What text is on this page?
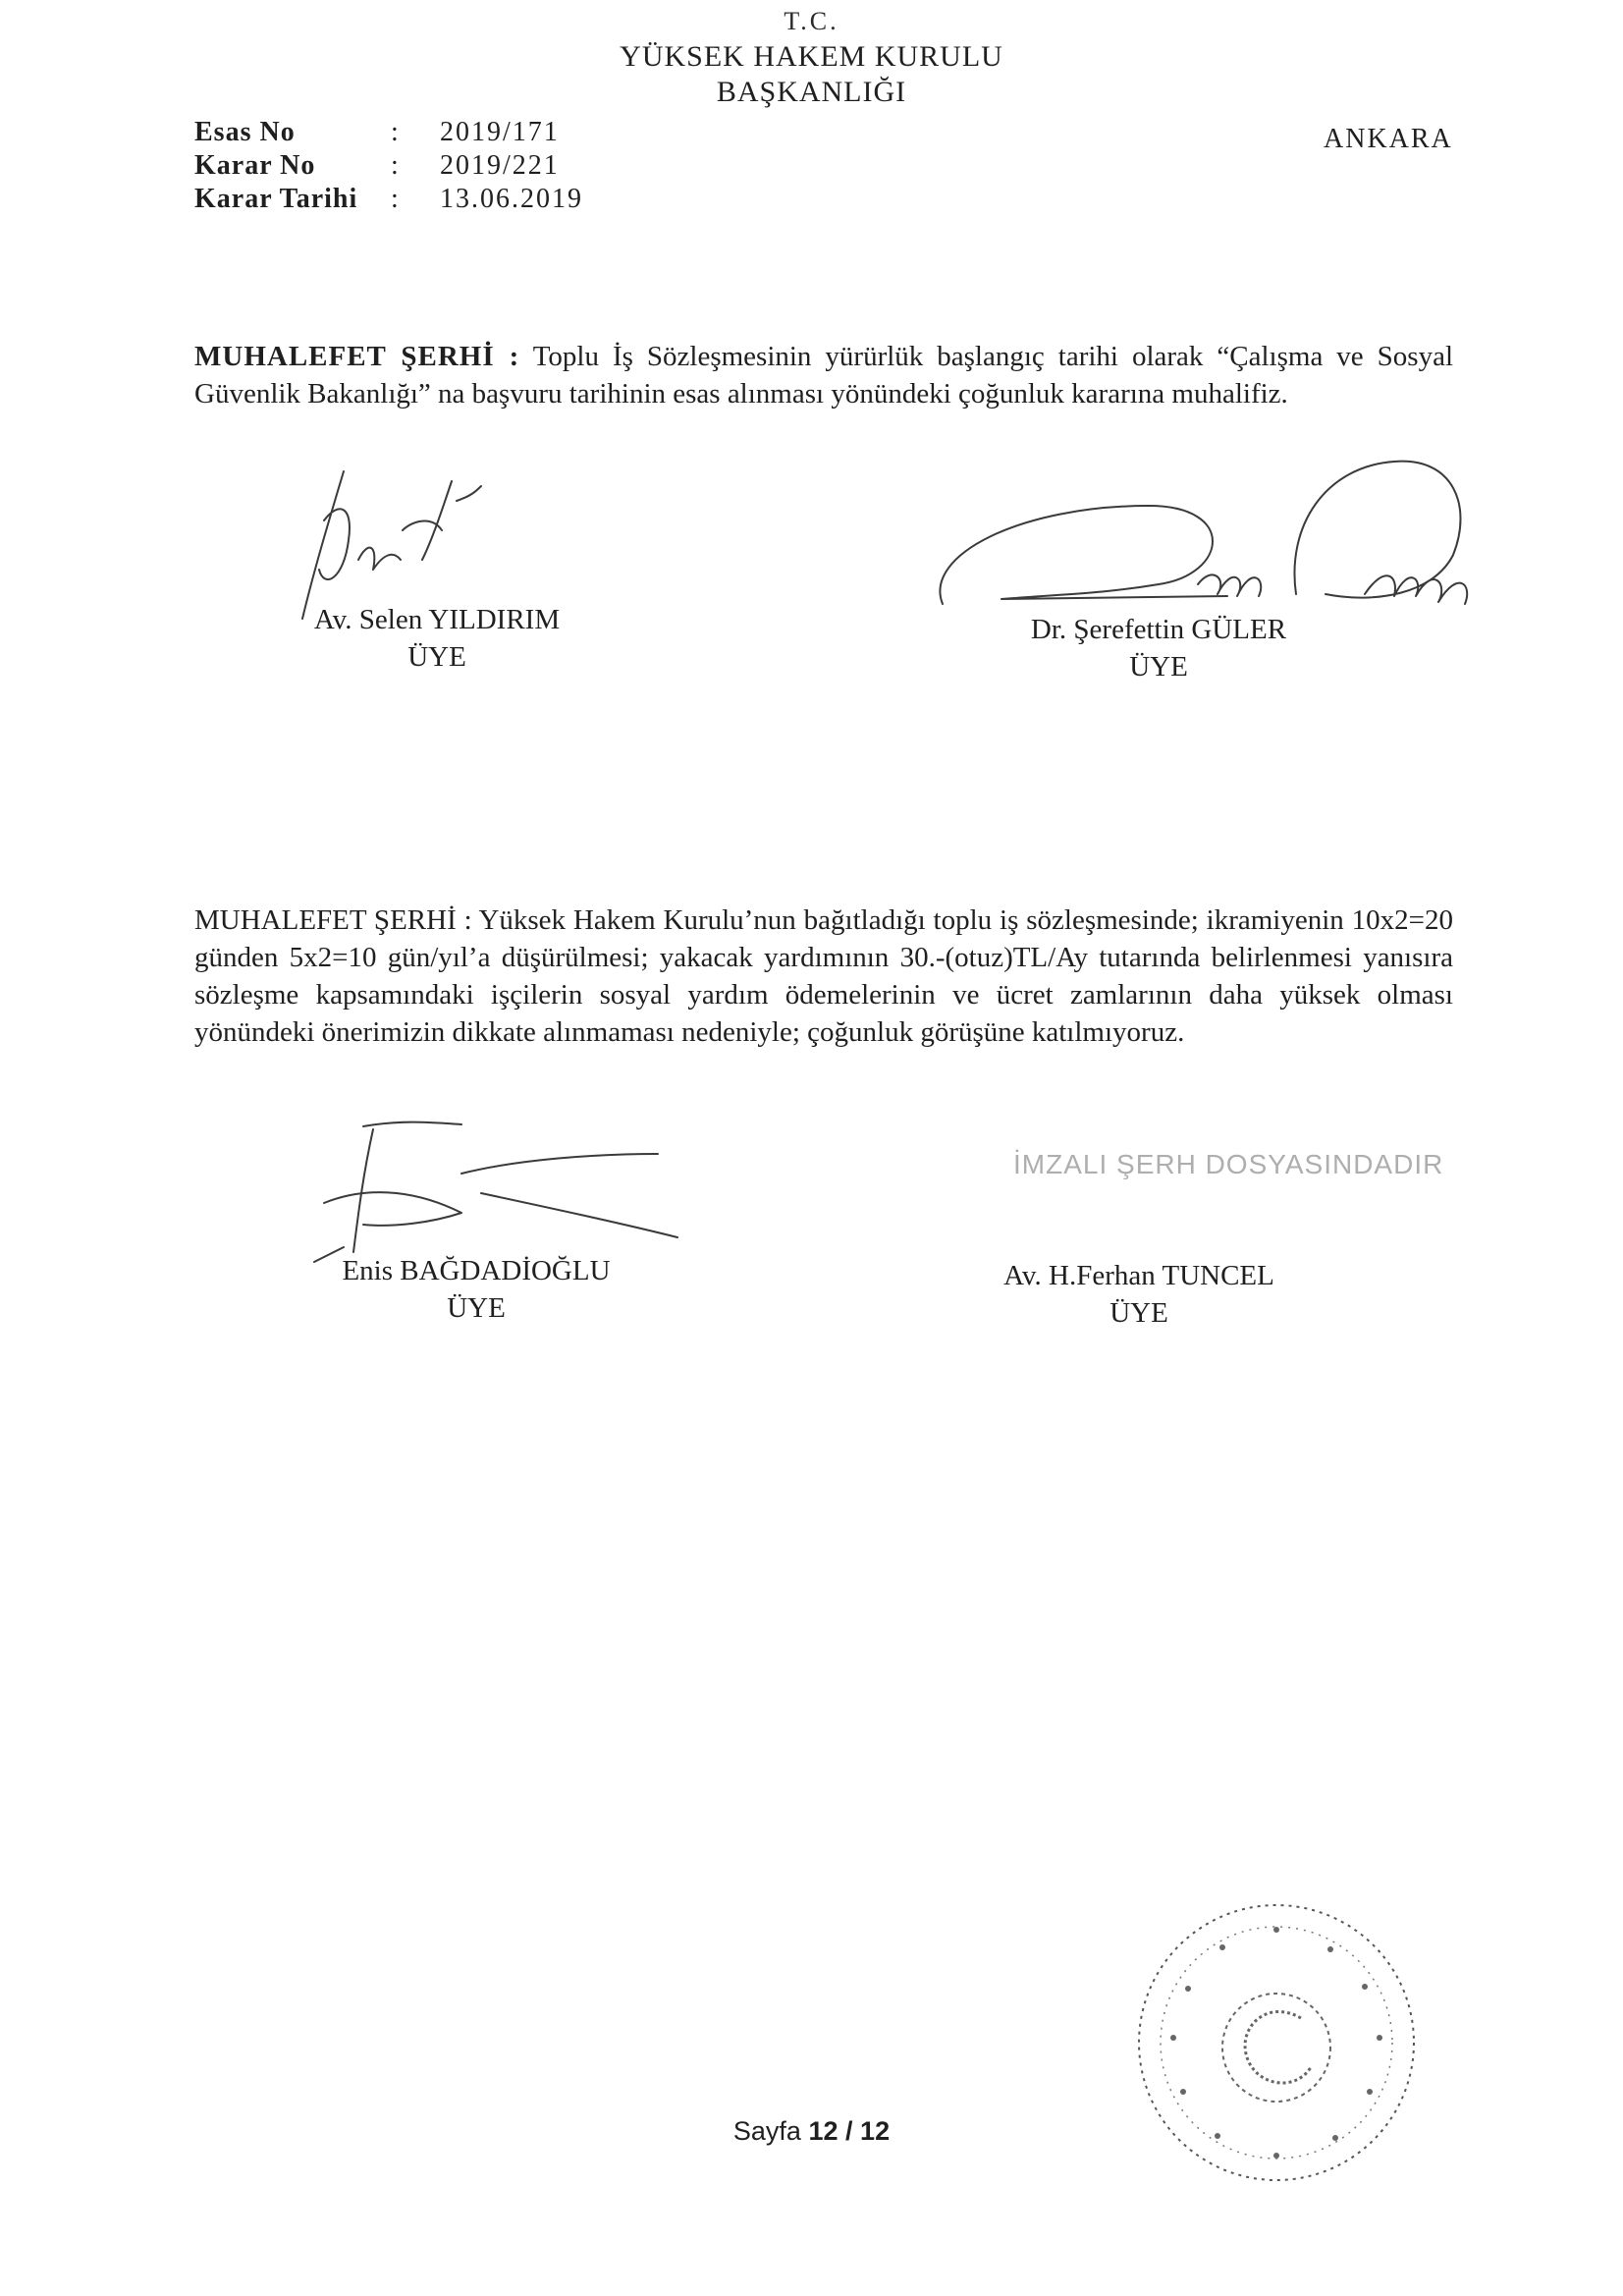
T.C.
YÜKSEK HAKEM KURULU
BAŞKANLIĞI
Esas No	:	2019/171
Karar No	:	2019/221
Karar Tarihi	:	13.06.2019
ANKARA
MUHALEFET ŞERHİ : Toplu İş Sözleşmesinin yürürlük başlangıç tarihi olarak “Çalışma ve Sosyal Güvenlik Bakanlığı” na başvuru tarihinin esas alınması yönündeki çoğunluk kararına muhalifiz.
Av. Selen YILDIRIM
ÜYE
Dr. Şerefettin GÜLER
ÜYE
MUHALEFET ŞERHİ : Yüksek Hakem Kurulu’nun bağıtladığı toplu iş sözleşmesinde; ikramiyenin 10x2=20 günden 5x2=10 gün/yıl’a düşürülmesi; yakacak yardımının 30.-(otuz)TL/Ay tutarında belirlenmesi yanısıra sözleşme kapsamındaki işçilerin sosyal yardım ödemelerinin ve ücret zamlarının daha yüksek olması yönündeki önerimizin dikkate alınmaması nedeniyle; çoğunluk görüşüne katılmıyoruz.
Enis BAĞDADİOĞLU
ÜYE
İMZALI ŞERH DOSYASINDADIR
Av. H.Ferhan TUNCEL
ÜYE
Sayfa 12 / 12
